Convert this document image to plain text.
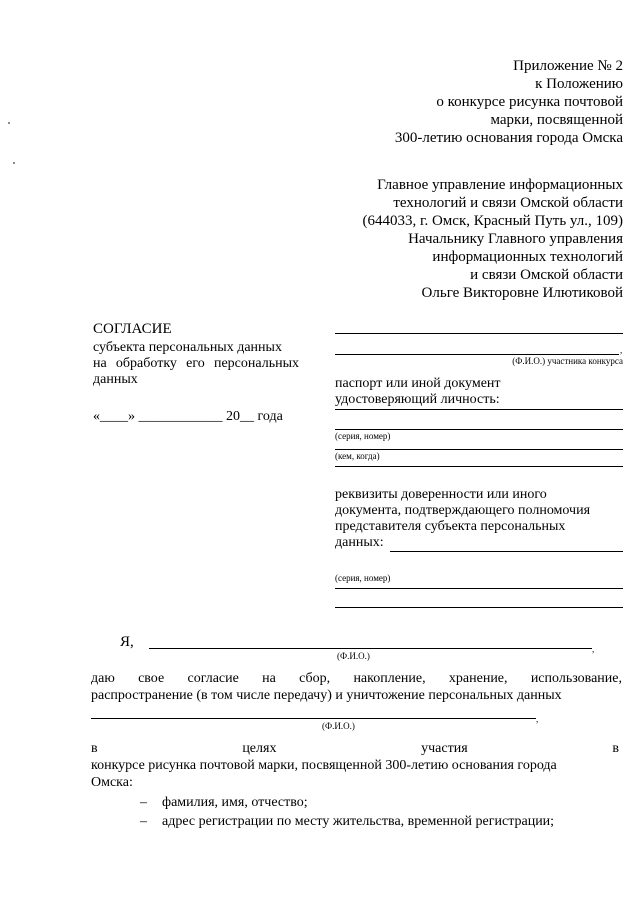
Приложение № 2
к Положению
о конкурсе рисунка почтовой
марки, посвященной
300-летию основания города Омска
Главное управление информационных
технологий и связи Омской области
(644033, г. Омск, Красный Путь ул., 109)
Начальнику Главного управления
информационных технологий
и связи Омской области
Ольге Викторовне Илютиковой
СОГЛАСИЕ
субъекта персональных данных
на обработку его персональных
данных
«____» ____________ 20__ года
,
(Ф.И.О.) участника конкурса
паспорт или иной документ
удостоверяющий личность:
(серия, номер)
(кем, когда)
реквизиты доверенности или иного
документа, подтверждающего полномочия
представителя субъекта персональных
данных:
(серия, номер)
Я,	,
(Ф.И.О.)
даю свое согласие на сбор, накопление, хранение, использование,
распространение (в том числе передачу) и уничтожение персональных данных
,
(Ф.И.О.)
в	целях	участия	в
конкурсе рисунка почтовой марки, посвященной 300-летию основания города
Омска:
– фамилия, имя, отчество;
– адрес регистрации по месту жительства, временной регистрации;
